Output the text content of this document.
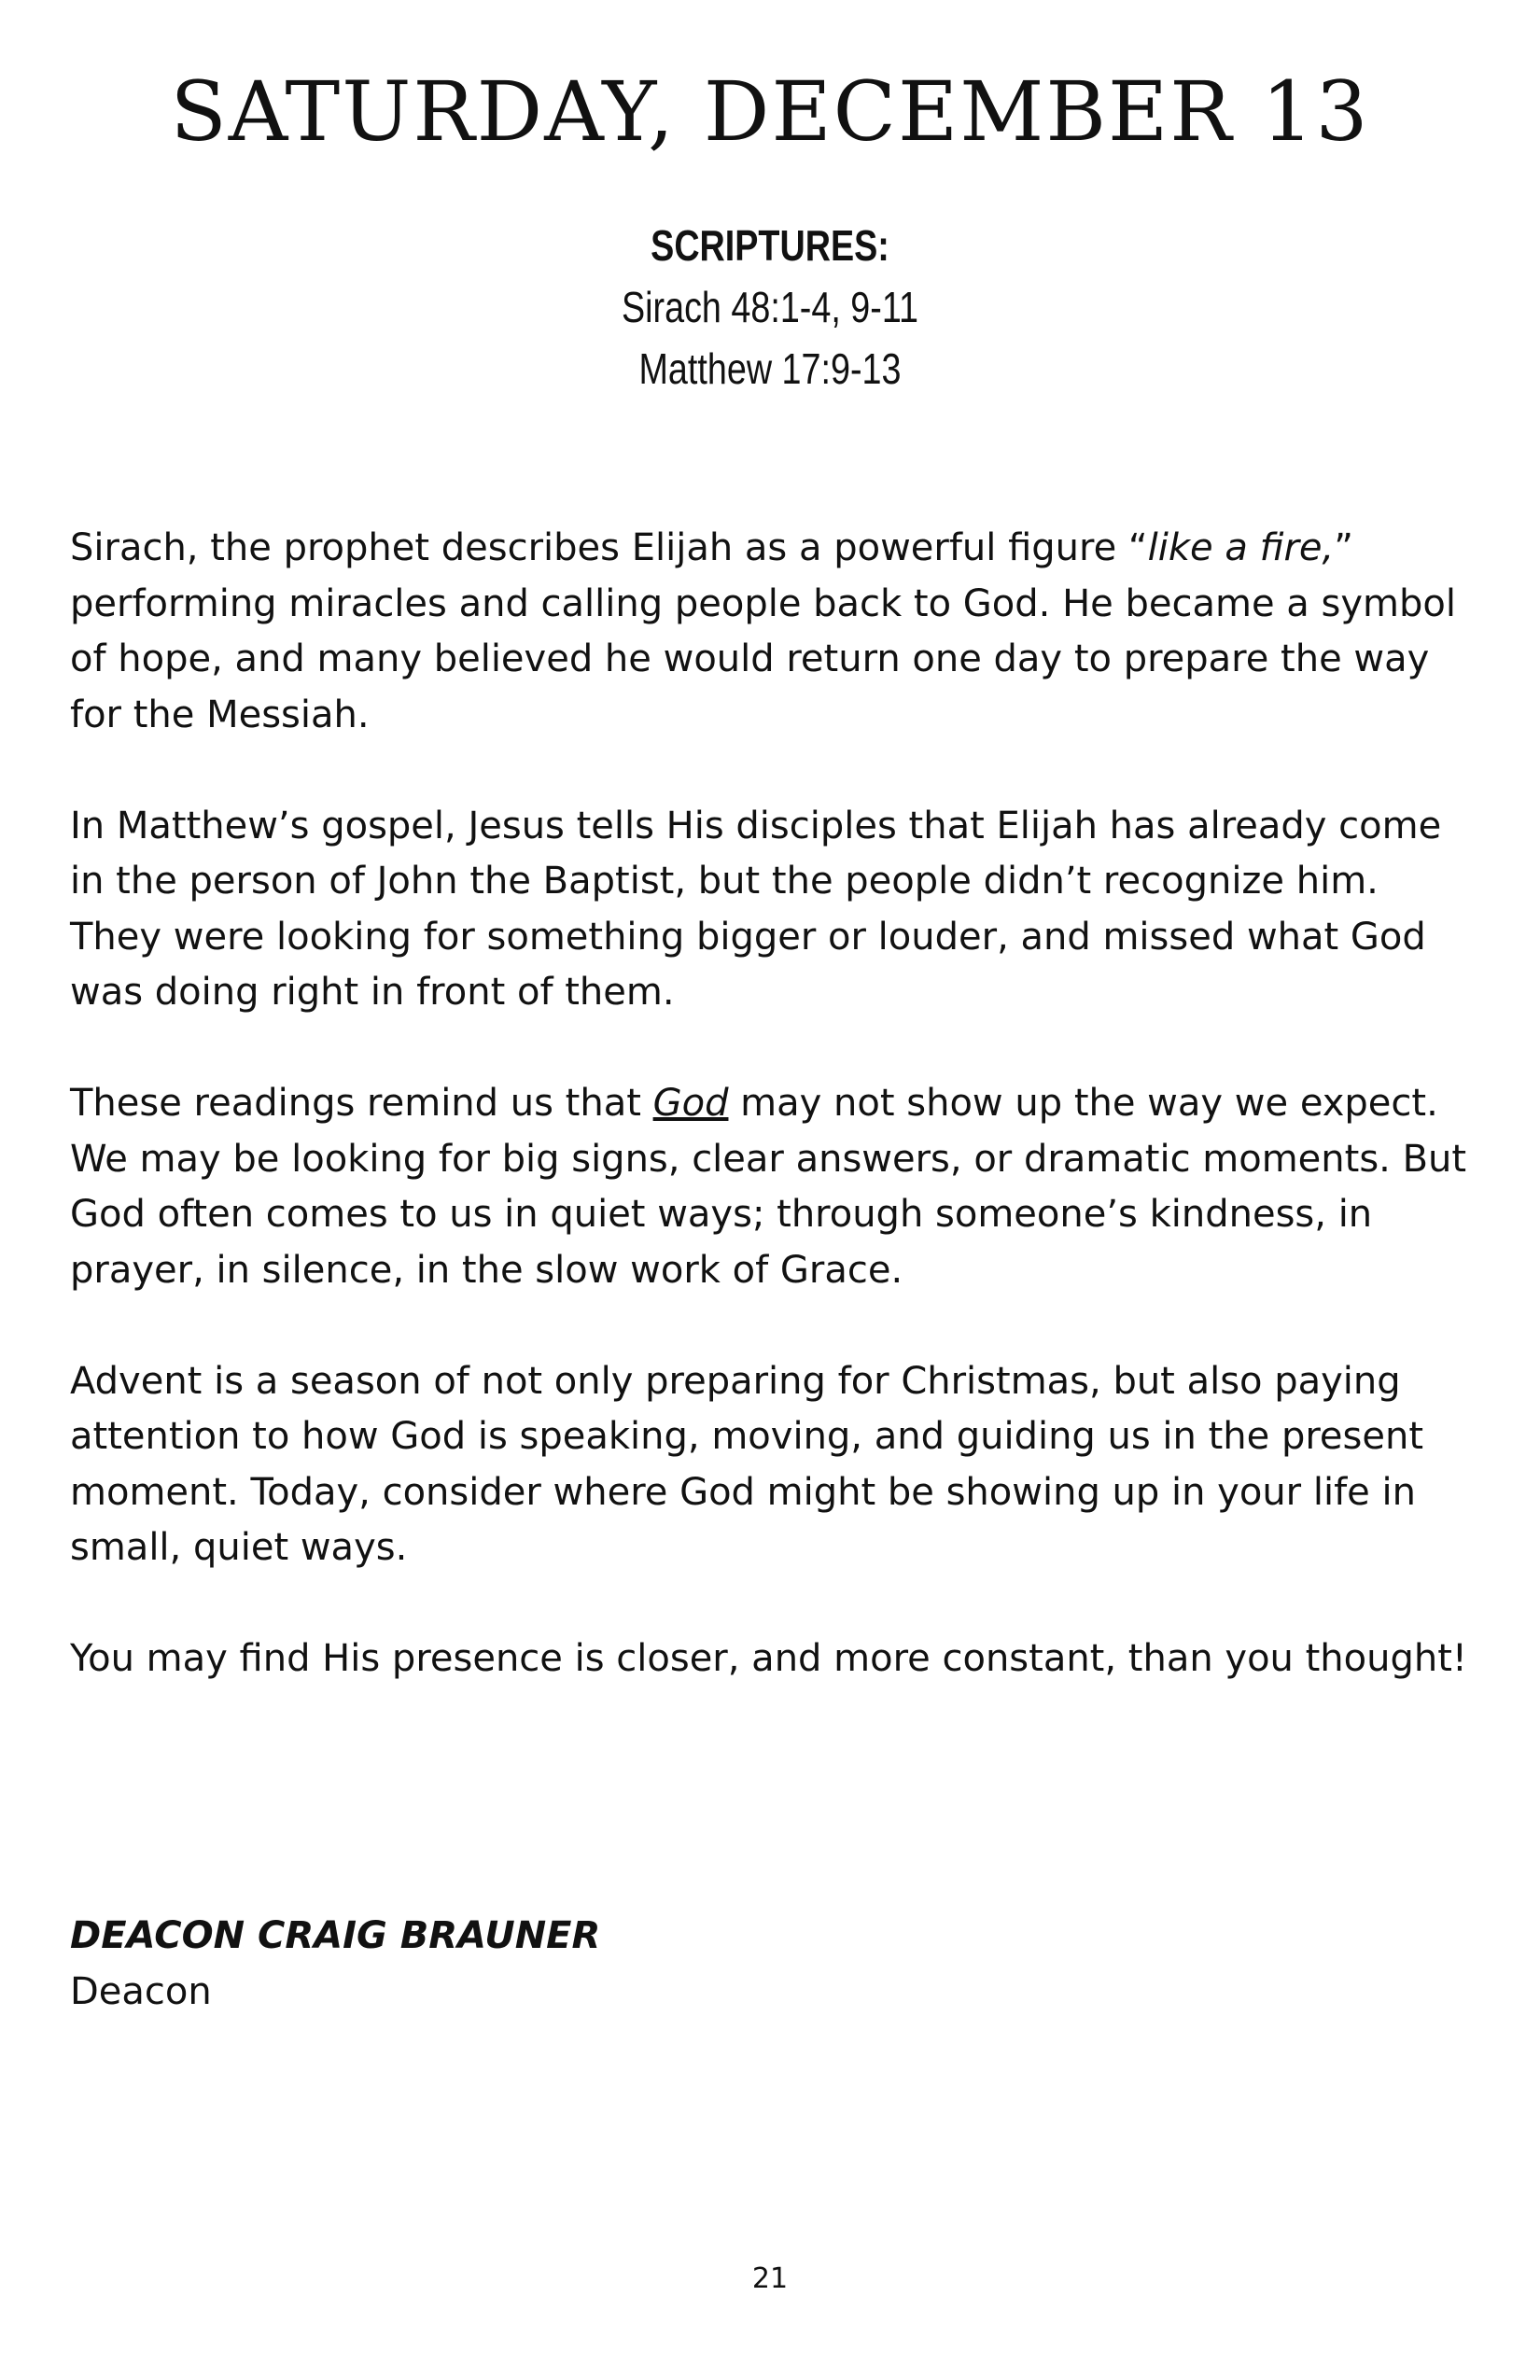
SATURDAY, DECEMBER 13
SCRIPTURES:
Sirach 48:1-4, 9-11
Matthew 17:9-13

Sirach, the prophet describes Elijah as a powerful figure “like a fire,” performing miracles and calling people back to God. He became a symbol of hope, and many believed he would return one day to prepare the way for the Messiah.

In Matthew’s gospel, Jesus tells His disciples that Elijah has already come in the person of John the Baptist, but the people didn’t recognize him. They were looking for something bigger or louder, and missed what God was doing right in front of them.

These readings remind us that God may not show up the way we expect. We may be looking for big signs, clear answers, or dramatic moments. But God often comes to us in quiet ways; through someone’s kindness, in prayer, in silence, in the slow work of Grace.

Advent is a season of not only preparing for Christmas, but also paying attention to how God is speaking, moving, and guiding us in the present moment. Today, consider where God might be showing up in your life in small, quiet ways.

You may find His presence is closer, and more constant, than you thought!

DEACON CRAIG BRAUNER
Deacon
21
